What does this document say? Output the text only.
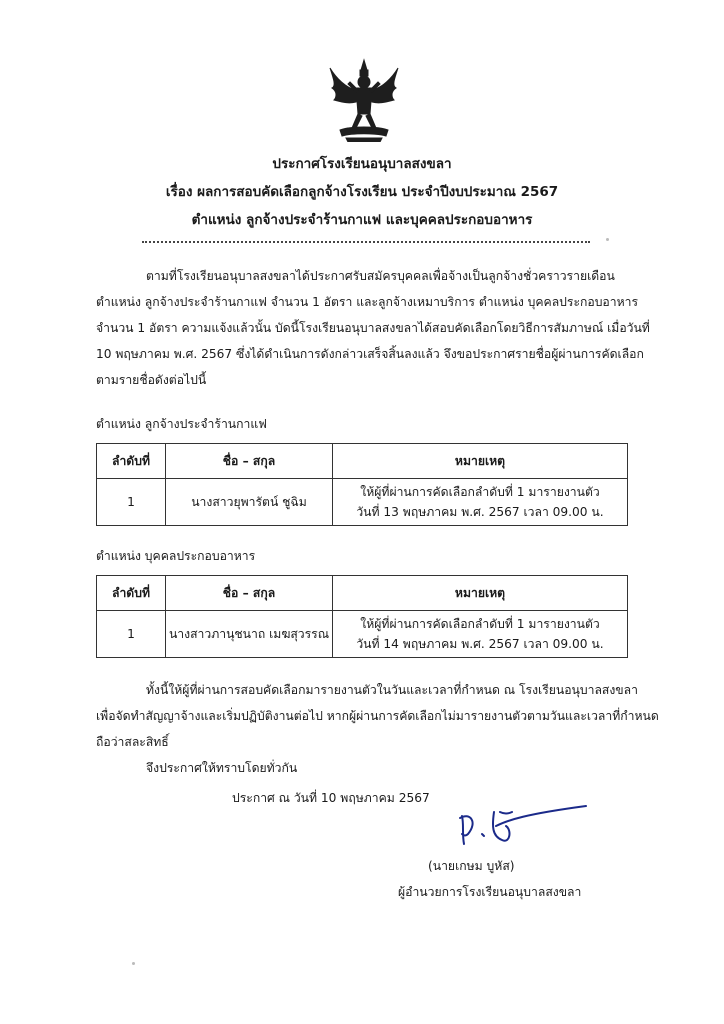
ประกาศโรงเรียนอนุบาลสงขลา
เรื่อง ผลการสอบคัดเลือกลูกจ้างโรงเรียน ประจำปีงบประมาณ 2567
ตำแหน่ง ลูกจ้างประจำร้านกาแฟ และบุคคลประกอบอาหาร
ตามที่โรงเรียนอนุบาลสงขลาได้ประกาศรับสมัครบุคคลเพื่อจ้างเป็นลูกจ้างชั่วคราวรายเดือน
ตำแหน่ง ลูกจ้างประจำร้านกาแฟ จำนวน 1 อัตรา และลูกจ้างเหมาบริการ ตำแหน่ง บุคคลประกอบอาหาร
จำนวน 1 อัตรา ความแจ้งแล้วนั้น บัดนี้โรงเรียนอนุบาลสงขลาได้สอบคัดเลือกโดยวิธีการสัมภาษณ์ เมื่อวันที่
10 พฤษภาคม พ.ศ. 2567 ซึ่งได้ดำเนินการดังกล่าวเสร็จสิ้นลงแล้ว จึงขอประกาศรายชื่อผู้ผ่านการคัดเลือก
ตามรายชื่อดังต่อไปนี้
ตำแหน่ง ลูกจ้างประจำร้านกาแฟ
ลำดับที่	ชื่อ – สกุล	หมายเหตุ
1	นางสาวยุพารัตน์ ชูฉิม	ให้ผู้ที่ผ่านการคัดเลือกลำดับที่ 1 มารายงานตัว
วันที่ 13 พฤษภาคม พ.ศ. 2567 เวลา 09.00 น.
ตำแหน่ง บุคคลประกอบอาหาร
ลำดับที่	ชื่อ – สกุล	หมายเหตุ
1	นางสาวภานุชนาถ เมฆสุวรรณ	ให้ผู้ที่ผ่านการคัดเลือกลำดับที่ 1 มารายงานตัว
วันที่ 14 พฤษภาคม พ.ศ. 2567 เวลา 09.00 น.
ทั้งนี้ให้ผู้ที่ผ่านการสอบคัดเลือกมารายงานตัวในวันและเวลาที่กำหนด ณ โรงเรียนอนุบาลสงขลา
เพื่อจัดทำสัญญาจ้างและเริ่มปฏิบัติงานต่อไป หากผู้ผ่านการคัดเลือกไม่มารายงานตัวตามวันและเวลาที่กำหนด
ถือว่าสละสิทธิ์
จึงประกาศให้ทราบโดยทั่วกัน
ประกาศ ณ วันที่ 10 พฤษภาคม 2567
(นายเกษม บูหัส)
ผู้อำนวยการโรงเรียนอนุบาลสงขลา
